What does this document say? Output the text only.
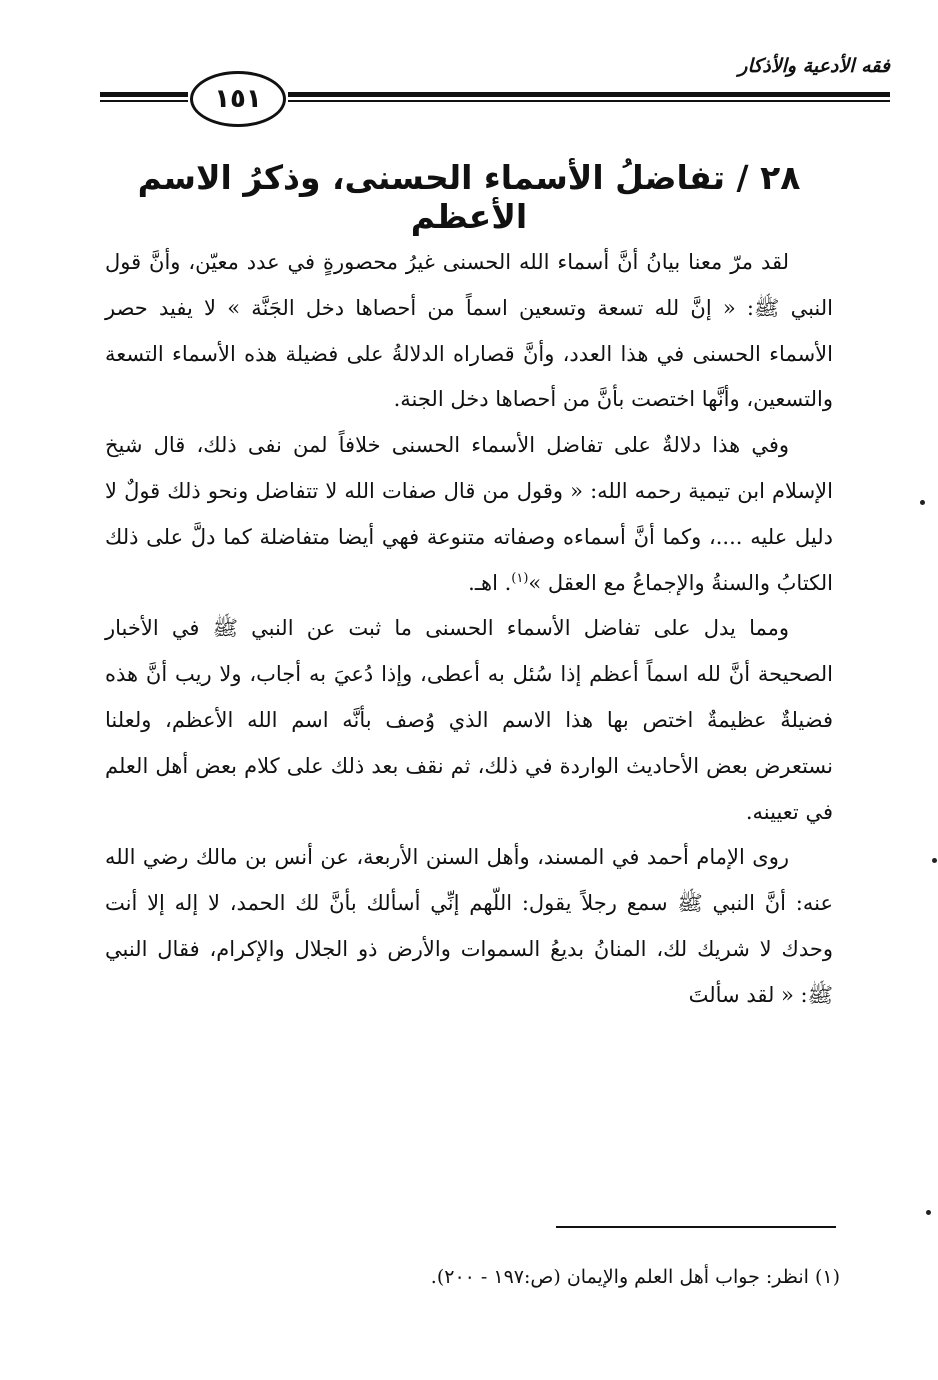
فقه الأدعية والأذكار
١٥١
٢٨ / تفاضلُ الأسماء الحسنى، وذكرُ الاسم الأعظم

لقد مرّ معنا بيانُ أنَّ أسماء الله الحسنى غيرُ محصورةٍ في عدد معيّن، وأنَّ قول النبي ﷺ: « إنَّ لله تسعة وتسعين اسماً من أحصاها دخل الجَنَّة » لا يفيد حصر الأسماء الحسنى في هذا العدد، وأنَّ قصاراه الدلالةُ على فضيلة هذه الأسماء التسعة والتسعين، وأنَّها اختصت بأنَّ من أحصاها دخل الجنة.

وفي هذا دلالةٌ على تفاضل الأسماء الحسنى خلافاً لمن نفى ذلك، قال شيخ الإسلام ابن تيمية رحمه الله: « وقول من قال صفات الله لا تتفاضل ونحو ذلك قولٌ لا دليل عليه ....، وكما أنَّ أسماءه وصفاته متنوعة فهي أيضا متفاضلة كما دلَّ على ذلك الكتابُ والسنةُ والإجماعُ مع العقل »$^{(١)}$. اهـ.

ومما يدل على تفاضل الأسماء الحسنى ما ثبت عن النبي ﷺ في الأخبار الصحيحة أنَّ لله اسماً أعظم إذا سُئل به أعطى، وإذا دُعيَ به أجاب، ولا ريب أنَّ هذه فضيلةٌ عظيمةٌ اختص بها هذا الاسم الذي وُصف بأنَّه اسم الله الأعظم، ولعلنا نستعرض بعض الأحاديث الواردة في ذلك، ثم نقف بعد ذلك على كلام بعض أهل العلم في تعيينه.

روى الإمام أحمد في المسند، وأهل السنن الأربعة، عن أنس بن مالك رضي الله عنه: أنَّ النبي ﷺ سمع رجلاً يقول: اللّهم إنِّي أسألك بأنَّ لك الحمد، لا إله إلا أنت وحدك لا شريك لك، المنانُ بديعُ السموات والأرض ذو الجلال والإكرام، فقال النبي ﷺ: « لقد سألتَ

(١) انظر: جواب أهل العلم والإيمان (ص:١٩٧ - ٢٠٠).
